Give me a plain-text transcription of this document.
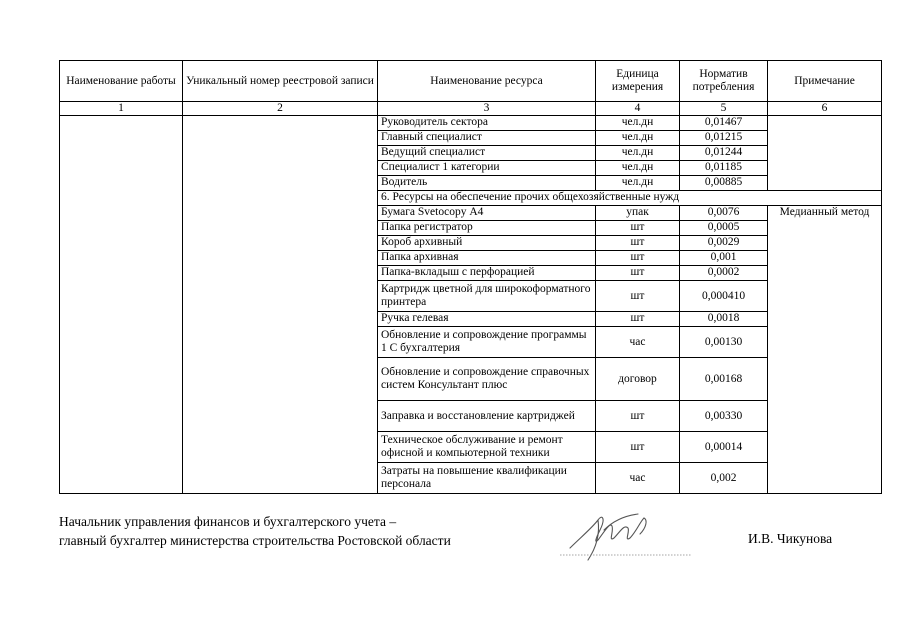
Наименование работы	Уникальный номер реестровой записи	Наименование ресурса	Единица измерения	Норматив потребления	Примечание
1	2	3	4	5	6
		Руководитель сектора	чел.дн	0,01467	
		Главный специалист	чел.дн	0,01215	
		Ведущий специалист	чел.дн	0,01244	
		Специалист 1 категории	чел.дн	0,01185	
		Водитель	чел.дн	0,00885	
		6. Ресурсы на обеспечение прочих общехозяйственные нужд			
		Бумага Svetocopy А4	упак	0,0076	Медианный метод
		Папка регистратор	шт	0,0005	
		Короб архивный	шт	0,0029	
		Папка архивная	шт	0,001	
		Папка-вкладыш с перфорацией	шт	0,0002	
		Картридж цветной для широкоформатного принтера	шт	0,000410	
		Ручка гелевая	шт	0,0018	
		Обновление и сопровождение программы 1 С бухгалтерия	час	0,00130	
		Обновление и сопровождение справочных систем Консультант плюс	договор	0,00168	
		Заправка и восстановление картриджей	шт	0,00330	
		Техническое обслуживание и ремонт офисной и компьютерной техники	шт	0,00014	
		Затраты на повышение квалификации персонала	час	0,002	
Начальник управления финансов и бухгалтерского учета –
главный бухгалтер министерства строительства Ростовской области	И.В. Чикунова
